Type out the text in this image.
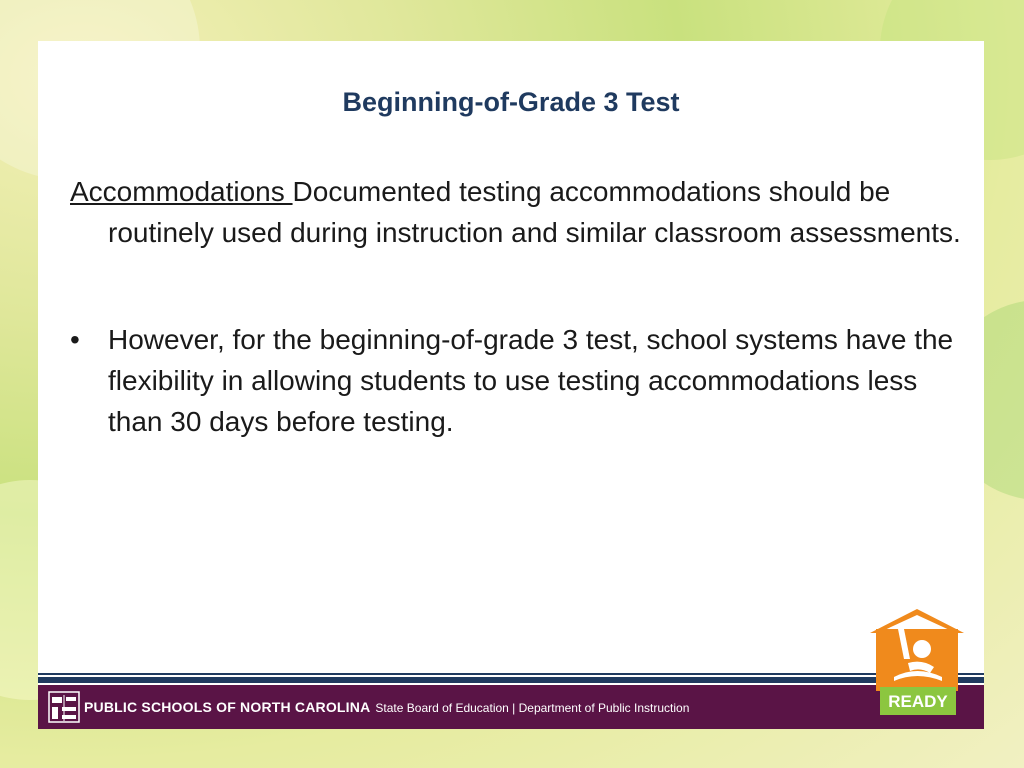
Beginning-of-Grade 3 Test
Accommodations Documented testing accommodations should be routinely used during instruction and similar classroom assessments.
• However, for the beginning-of-grade 3 test, school systems have the flexibility in allowing students to use testing accommodations less than 30 days before testing.
PUBLIC SCHOOLS OF NORTH CAROLINA State Board of Education | Department of Public Instruction	READY
